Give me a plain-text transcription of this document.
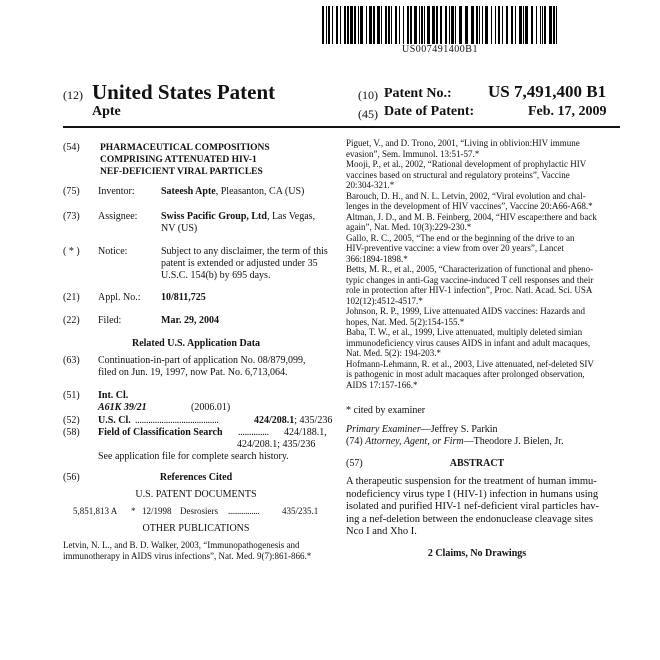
US007491400B1
(12) United States Patent
Apte
(10) Patent No.: US 7,491,400 B1
(45) Date of Patent:	Feb. 17, 2009
(54) PHARMACEUTICAL COMPOSITIONS
COMPRISING ATTENUATED HIV-1
NEF-DEFICIENT VIRAL PARTICLES
(75) Inventor:	Sateesh Apte, Pleasanton, CA (US)
(73) Assignee: Swiss Pacific Group, Ltd, Las Vegas,
NV (US)
( * ) Notice:	Subject to any disclaimer, the term of this
patent is extended or adjusted under 35
U.S.C. 154(b) by 695 days.
(21) Appl. No.: 10/811,725
(22) Filed:	Mar. 29, 2004
Related U.S. Application Data
(63) Continuation-in-part of application No. 08/879,099,
filed on Jun. 19, 1997, now Pat. No. 6,713,064.
(51) Int. Cl.
A61K 39/21	(2006.01)
(52) U.S. Cl. ......................................	424/208.1; 435/236
(58) Field of Classification Search .............. 424/188.1,
424/208.1; 435/236
See application file for complete search history.
(56)	References Cited
U.S. PATENT DOCUMENTS
5,851,813 A * 12/1998 Desrosiers ................	435/235.1
OTHER PUBLICATIONS
Letvin, N. L., and B. D. Walker, 2003, “Immunopathogenesis and
immunotherapy in AIDS virus infections”, Nat. Med. 9(7):861-866.*
Piguet, V., and D. Trono, 2001, “Living in oblivion:HIV immune
evasion”, Sem. Immunol. 13:51-57.*
Mooji, P., et al., 2002, “Rational development of prophylactic HIV
vaccines based on structural and regulatory proteins”, Vaccine
20:304-321.*
Barouch, D. H., and N. L. Letvin, 2002, “Viral evolution and chal-
lenges in the development of HIV vaccines”, Vaccine 20:A66-A68.*
Altman, J. D., and M. B. Feinberg, 2004, “HIV escape:there and back
again”, Nat. Med. 10(3):229-230.*
Gallo, R. C., 2005, “The end or the beginning of the drive to an
HIV-preventive vaccine: a view from over 20 years”, Lancet
366:1894-1898.*
Betts, M. R., et al., 2005, “Characterization of functional and pheno-
typic changes in anti-Gag vaccine-induced T cell responses and their
role in protection after HIV-1 infection”, Proc. Natl. Acad. Sci. USA
102(12):4512-4517.*
Johnson, R. P., 1999, Live attenuated AIDS vaccines: Hazards and
hopes, Nat. Med. 5(2):154-155.*
Baba, T. W., et al., 1999, Live attenuated, multiply deleted simian
immunodeficiency virus causes AIDS in infant and adult macaques,
Nat. Med. 5(2): 194-203.*
Hofmann-Lehmann, R. et al., 2003, Live attenuated, nef-deleted SIV
is pathogenic in most adult macaques after prolonged observation,
AIDS 17:157-166.*
* cited by examiner
Primary Examiner—Jeffrey S. Parkin
(74) Attorney, Agent, or Firm—Theodore J. Bielen, Jr.
(57)	ABSTRACT
A therapeutic suspension for the treatment of human immu-
nodeficiency virus type I (HIV-1) infection in humans using
isolated and purified HIV-1 nef-deficient viral particles hav-
ing a nef-deletion between the endonuclease cleavage sites
Nco I and Xho I.
2 Claims, No Drawings
